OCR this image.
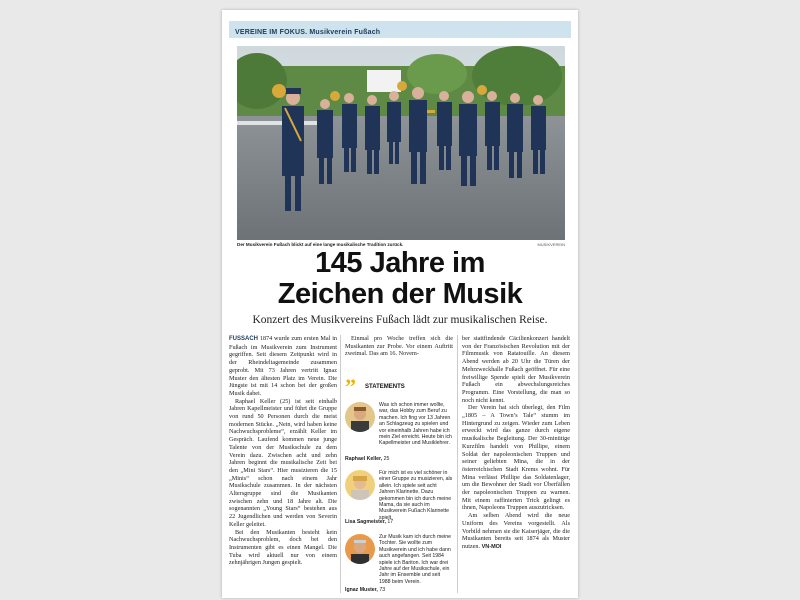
VEREINE IM FOKUS. Musikverein Fußach
Der Musikverein Fußach blickt auf eine lange musikalische Tradition zurück.	MUSIKVEREIN
145 Jahre im
Zeichen der Musik
Konzert des Musikvereins Fußach lädt zur musikalischen Reise.

FUSSACH 1874 wurde zum ersten Mal in Fußach im Musikverein zum Instrument gegriffen. Seit diesem Zeitpunkt wird in der Rheindeltagemeinde zusammen geprobt. Mit 73 Jahren vertritt Ignaz Muster den ältesten Platz im Verein. Die Jüngste ist mit 14 schon bei der großen Musik dabei.

Raphael Keller (25) ist seit einhalb Jahren Kapellmeister und führt die Gruppe von rund 50 Personen durch die meist modernen Stücke. „Nein, wird haben keine Nachwuchsprobleme“, erzählt Keller im Gespräch. Laufend kommen neue junge Talente von der Musikschule zu dem Verein dazu. Zwischen acht und zehn Jahren beginnt die musikalische Zeit bei den „Mini Stars“. Hier musizieren die 15 „Minis“ schon nach einem Jahr Musikschule zusammen. In der nächsten Altersgruppe sind die Musikanten zwischen zehn und 18 Jahre alt. Die sogenannten „Young Stars“ bestehen aus 22 Jugendlichen und werden von Severin Keller geleitet.

Bei den Musikanten besteht kein Nachwuchsproblem, doch bei den Instrumenten gibt es einen Mangel. Die Tuba wird aktuell nur von einem zehnjährigen Jungen gespielt.

Einmal pro Woche treffen sich die Musikanten zur Probe. Vor einem Auftritt zweimal. Das am 16. Novem-

” STATEMENTS
Was ich schon immer wollte, war, das Hobby zum Beruf zu machen. Ich fing vor 13 Jahren an Schlagzeug zu spielen und vor eineinhalb Jahren habe ich mein Ziel erreicht. Heute bin ich Kapellmeister und Musiklehrer.
Raphael Keller, 25
Für mich ist es viel schöner in einer Gruppe zu musizieren, als allein. Ich spiele seit acht Jahren Klarinette. Dazu gekommen bin ich durch meine Mama, da sie auch im Musikverein Fußach Klarinette spielt.
Lisa Sagmeister, 17
Zur Musik kam ich durch meine Tochter. Sie wollte zum Musikverein und ich habe dann auch angefangen. Seit 1984 spiele ich Bariton. Ich war drei Jahre auf der Musikschule, ein Jahr im Ensemble und seit 1988 beim Verein.
Ignaz Muster, 73

ber stattfindende Cäcilienkonzert handelt von der Französischen Revolution mit der Filmmusik von Ratatouille. An diesem Abend werden ab 20 Uhr die Türen der Mehrzweckhalle Fußach geöffnet. Für eine freiwillige Spende spielt der Musikverein Fußach ein abwechslungsreiches Programm. Eine Vorstellung, die man so noch nicht kennt.

Der Verein hat sich überlegt, den Film „1805 – A Town’s Tale“ stumm im Hintergrund zu zeigen. Wieder zum Leben erweckt wird das ganze durch eigene musikalische Begleitung. Der 30-minütige Kurzfilm handelt von Phillipe, einem Soldat der napoleonischen Truppen und seiner geliebten Mina, die in der österreichischen Stadt Krems wohnt. Für Mina verlässt Phillipe das Soldatenlager, um die Bewohner der Stadt vor Überfällen der napoleonischen Truppen zu warnen. Mit einem raffinierten Trick gelingt es ihnen, Napoleons Truppen auszutricksen.

Am selben Abend wird die neue Uniform des Vereins vorgestellt. Als Vorbild nehmen sie die Kaiserjäger, die die Musikanten bereits seit 1874 als Muster nutzen. VN-MOI
